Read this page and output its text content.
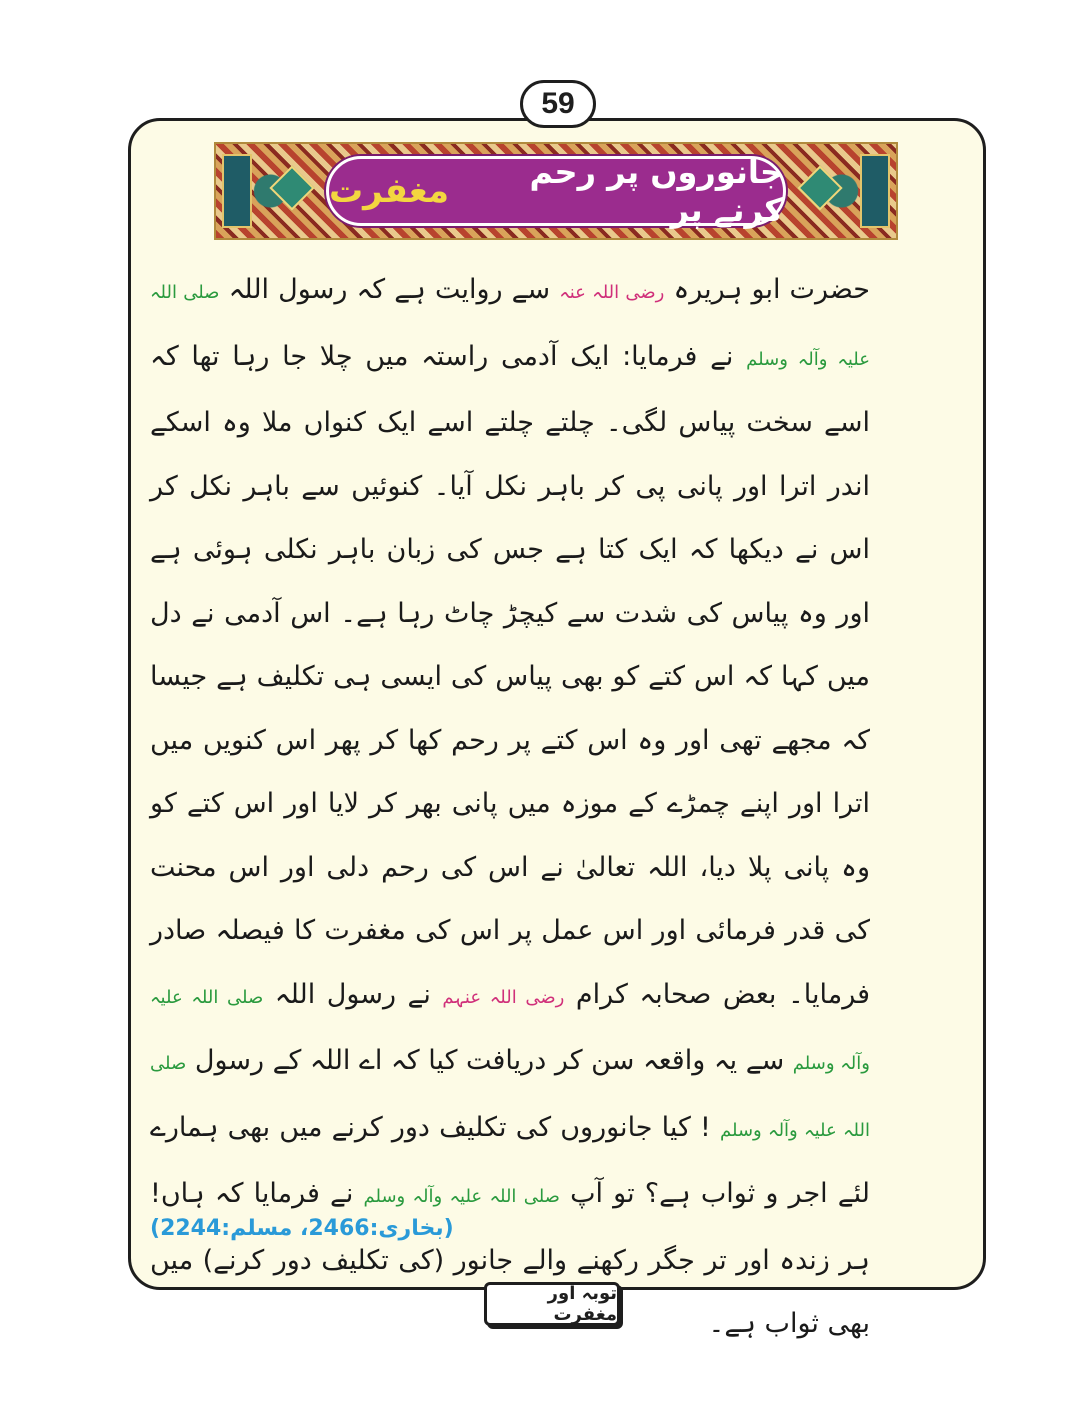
59
جانوروں پر رحم کرنے پر
مغفرت
حضرت ابو ہریرہ رضی اللہ عنہ سے روایت ہے کہ رسول اللہ صلی اللہ علیہ وآلہ وسلم نے فرمایا: ایک آدمی راستہ میں چلا جا رہا تھا کہ اسے سخت پیاس لگی۔ چلتے چلتے اسے ایک کنواں ملا وہ اسکے اندر اترا اور پانی پی کر باہر نکل آیا۔ کنوئیں سے باہر نکل کر اس نے دیکھا کہ ایک کتا ہے جس کی زبان باہر نکلی ہوئی ہے اور وہ پیاس کی شدت سے کیچڑ چاٹ رہا ہے۔ اس آدمی نے دل میں کہا کہ اس کتے کو بھی پیاس کی ایسی ہی تکلیف ہے جیسا کہ مجھے تھی اور وہ اس کتے پر رحم کھا کر پھر اس کنویں میں اترا اور اپنے چمڑے کے موزہ میں پانی بھر کر لایا اور اس کتے کو وہ پانی پلا دیا، اللہ تعالیٰ نے اس کی رحم دلی اور اس محنت کی قدر فرمائی اور اس عمل پر اس کی مغفرت کا فیصلہ صادر فرمایا۔ بعض صحابہ کرام رضی اللہ عنہم نے رسول اللہ صلی اللہ علیہ وآلہ وسلم سے یہ واقعہ سن کر دریافت کیا کہ اے اللہ کے رسول صلی اللہ علیہ وآلہ وسلم ! کیا جانوروں کی تکلیف دور کرنے میں بھی ہمارے لئے اجر و ثواب ہے؟ تو آپ صلی اللہ علیہ وآلہ وسلم نے فرمایا کہ ہاں! ہر زندہ اور تر جگر رکھنے والے جانور (کی تکلیف دور کرنے) میں بھی ثواب ہے۔
(بخاری:2466، مسلم:2244)
توبہ اور مغفرت
